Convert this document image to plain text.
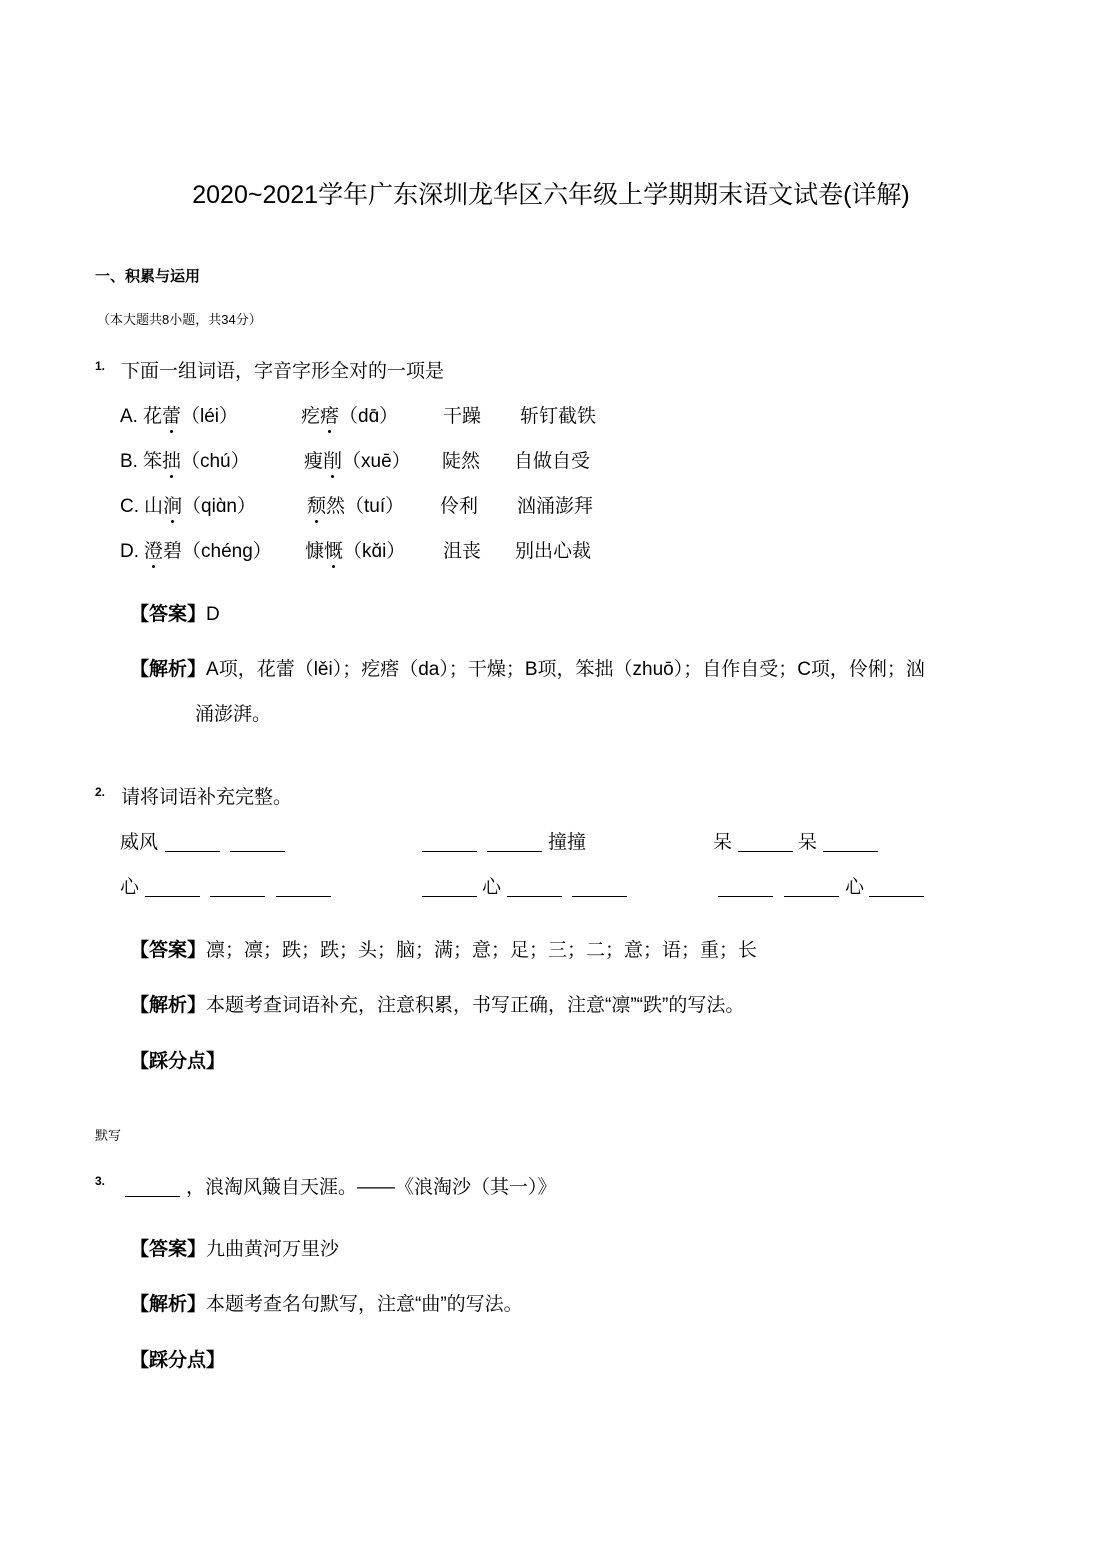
2020~2021学年广东深圳龙华区六年级上学期期末语文试卷(详解)
一、积累与运用
（本大题共8小题，共34分）
1. 下面一组词语，字音字形全对的一项是
A. 花蕾（léi）	疙瘩（dɑ̄） 干躁 斩钉截铁
B. 笨拙（chú）	瘦削（xuē） 陡然 自做自受
C. 山涧（qiɑ̀n）	颓然（tuí） 伶利 汹涌澎拜
D. 澄碧（chéng） 慷慨（kɑ̌i） 沮丧 别出心裁
【答案】D
【解析】A项，花蕾（lěi）；疙瘩（da）；干燥；B项，笨拙（zhuō）；自作自受；C项，伶俐；汹
涌澎湃。
2. 请将词语补充完整。
威风	撞撞	呆	呆
心	心	心
【答案】凛；凛；跌；跌；头；脑；满；意；足；三；二；意；语；重；长
【解析】本题考查词语补充，注意积累，书写正确，注意“凛”“跌”的写法。
【踩分点】
默写
3.	，浪淘风簸自天涯。——《浪淘沙（其一）》
【答案】九曲黄河万里沙
【解析】本题考查名句默写，注意“曲”的写法。
【踩分点】
